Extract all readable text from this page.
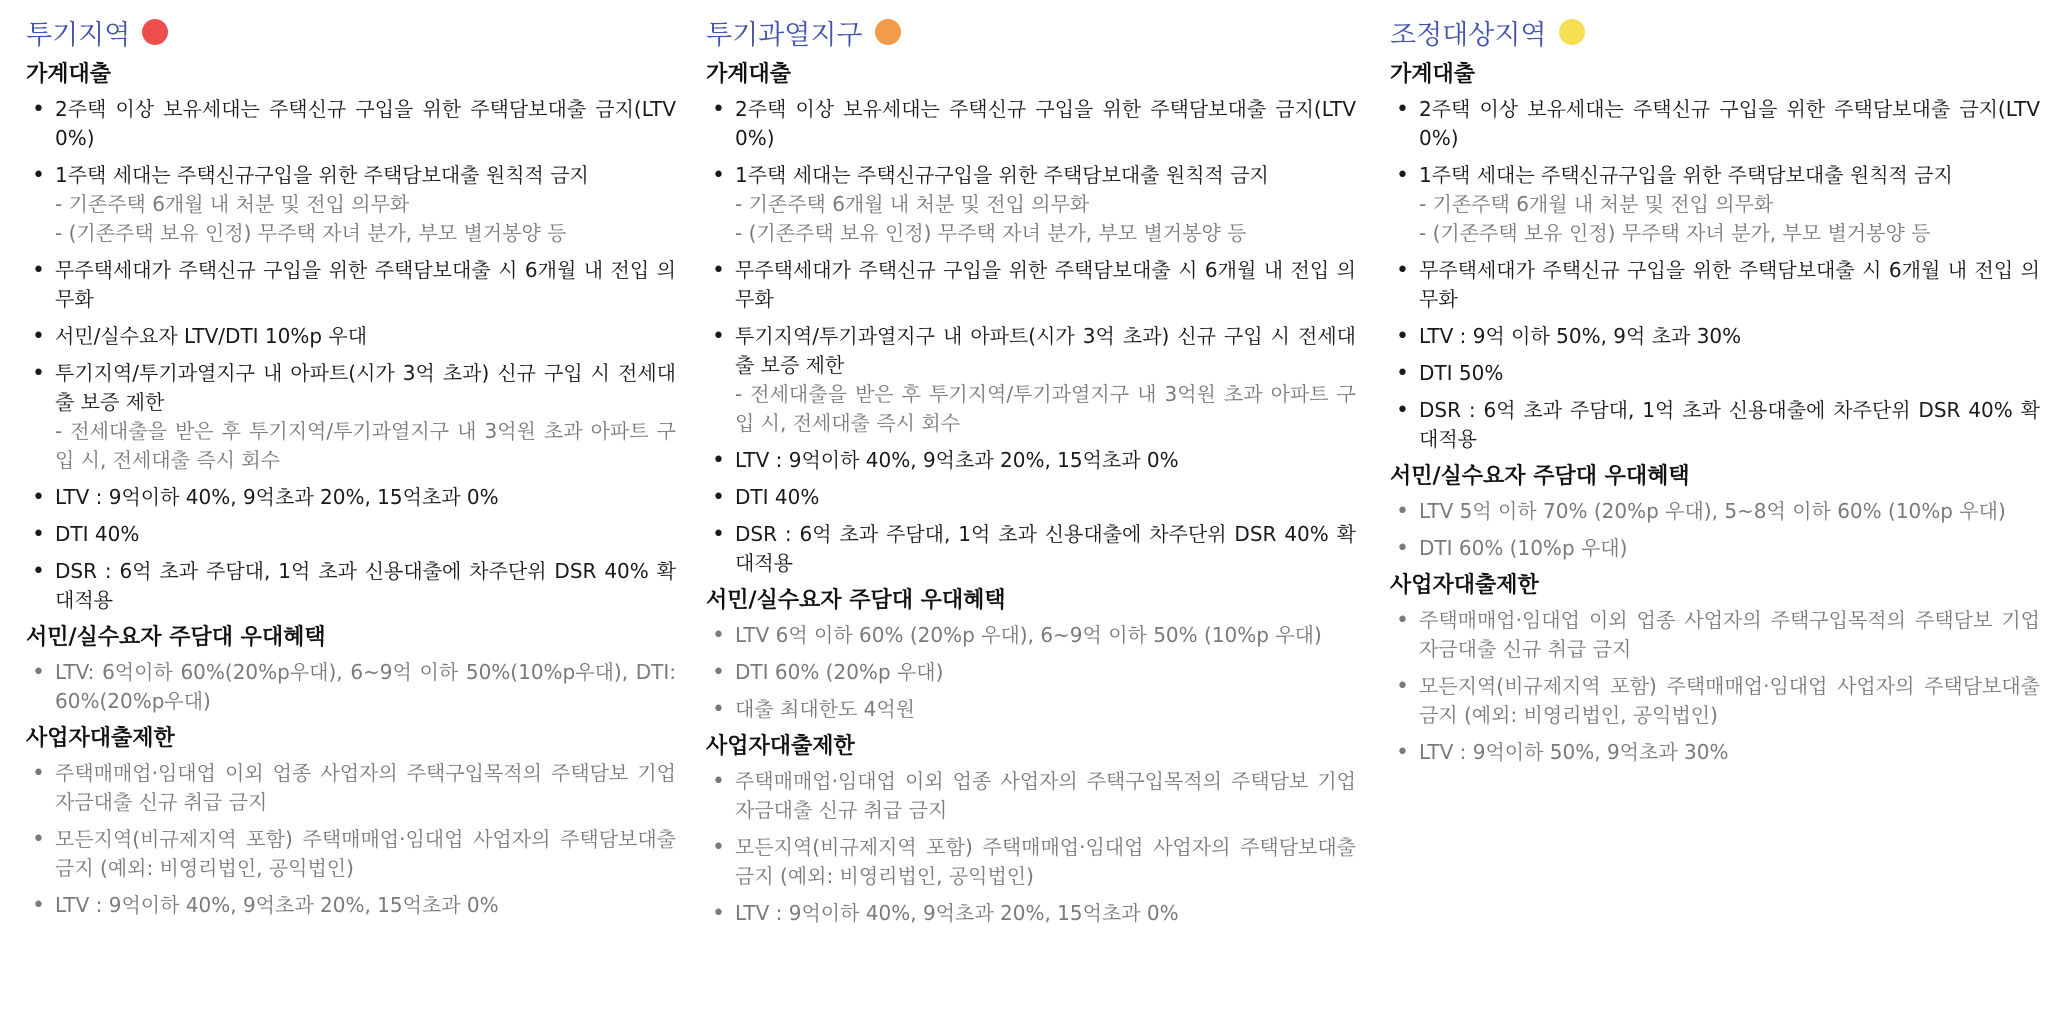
투기지역
가계대출
• 2주택 이상 보유세대는 주택신규 구입을 위한 주택담보대출 금지(LTV 0%)
• 1주택 세대는 주택신규구입을 위한 주택담보대출 원칙적 금지
- 기존주택 6개월 내 처분 및 전입 의무화
- (기존주택 보유 인정) 무주택 자녀 분가, 부모 별거봉양 등
• 무주택세대가 주택신규 구입을 위한 주택담보대출 시 6개월 내 전입 의무화
• 서민/실수요자 LTV/DTI 10%p 우대
• 투기지역/투기과열지구 내 아파트(시가 3억 초과) 신규 구입 시 전세대출 보증 제한
- 전세대출을 받은 후 투기지역/투기과열지구 내 3억원 초과 아파트 구입 시, 전세대출 즉시 회수
• LTV : 9억이하 40%, 9억초과 20%, 15억초과 0%
• DTI 40%
• DSR : 6억 초과 주담대, 1억 초과 신용대출에 차주단위 DSR 40% 확대적용
서민/실수요자 주담대 우대혜택
• LTV: 6억이하 60%(20%p우대), 6~9억 이하 50%(10%p우대), DTI: 60%(20%p우대)
사업자대출제한
• 주택매매업·임대업 이외 업종 사업자의 주택구입목적의 주택담보 기업자금대출 신규 취급 금지
• 모든지역(비규제지역 포함) 주택매매업·임대업 사업자의 주택담보대출 금지 (예외: 비영리법인, 공익법인)
• LTV : 9억이하 40%, 9억초과 20%, 15억초과 0%
투기과열지구
가계대출
• 2주택 이상 보유세대는 주택신규 구입을 위한 주택담보대출 금지(LTV 0%)
• 1주택 세대는 주택신규구입을 위한 주택담보대출 원칙적 금지
- 기존주택 6개월 내 처분 및 전입 의무화
- (기존주택 보유 인정) 무주택 자녀 분가, 부모 별거봉양 등
• 무주택세대가 주택신규 구입을 위한 주택담보대출 시 6개월 내 전입 의무화
• 투기지역/투기과열지구 내 아파트(시가 3억 초과) 신규 구입 시 전세대출 보증 제한
- 전세대출을 받은 후 투기지역/투기과열지구 내 3억원 초과 아파트 구입 시, 전세대출 즉시 회수
• LTV : 9억이하 40%, 9억초과 20%, 15억초과 0%
• DTI 40%
• DSR : 6억 초과 주담대, 1억 초과 신용대출에 차주단위 DSR 40% 확대적용
서민/실수요자 주담대 우대혜택
• LTV 6억 이하 60% (20%p 우대), 6~9억 이하 50% (10%p 우대)
• DTI 60% (20%p 우대)
• 대출 최대한도 4억원
사업자대출제한
• 주택매매업·임대업 이외 업종 사업자의 주택구입목적의 주택담보 기업자금대출 신규 취급 금지
• 모든지역(비규제지역 포함) 주택매매업·임대업 사업자의 주택담보대출 금지 (예외: 비영리법인, 공익법인)
• LTV : 9억이하 40%, 9억초과 20%, 15억초과 0%
조정대상지역
가계대출
• 2주택 이상 보유세대는 주택신규 구입을 위한 주택담보대출 금지(LTV 0%)
• 1주택 세대는 주택신규구입을 위한 주택담보대출 원칙적 금지
- 기존주택 6개월 내 처분 및 전입 의무화
- (기존주택 보유 인정) 무주택 자녀 분가, 부모 별거봉양 등
• 무주택세대가 주택신규 구입을 위한 주택담보대출 시 6개월 내 전입 의무화
• LTV : 9억 이하 50%, 9억 초과 30%
• DTI 50%
• DSR : 6억 초과 주담대, 1억 초과 신용대출에 차주단위 DSR 40% 확대적용
서민/실수요자 주담대 우대혜택
• LTV 5억 이하 70% (20%p 우대), 5~8억 이하 60% (10%p 우대)
• DTI 60% (10%p 우대)
사업자대출제한
• 주택매매업·임대업 이외 업종 사업자의 주택구입목적의 주택담보 기업자금대출 신규 취급 금지
• 모든지역(비규제지역 포함) 주택매매업·임대업 사업자의 주택담보대출 금지 (예외: 비영리법인, 공익법인)
• LTV : 9억이하 50%, 9억초과 30%
